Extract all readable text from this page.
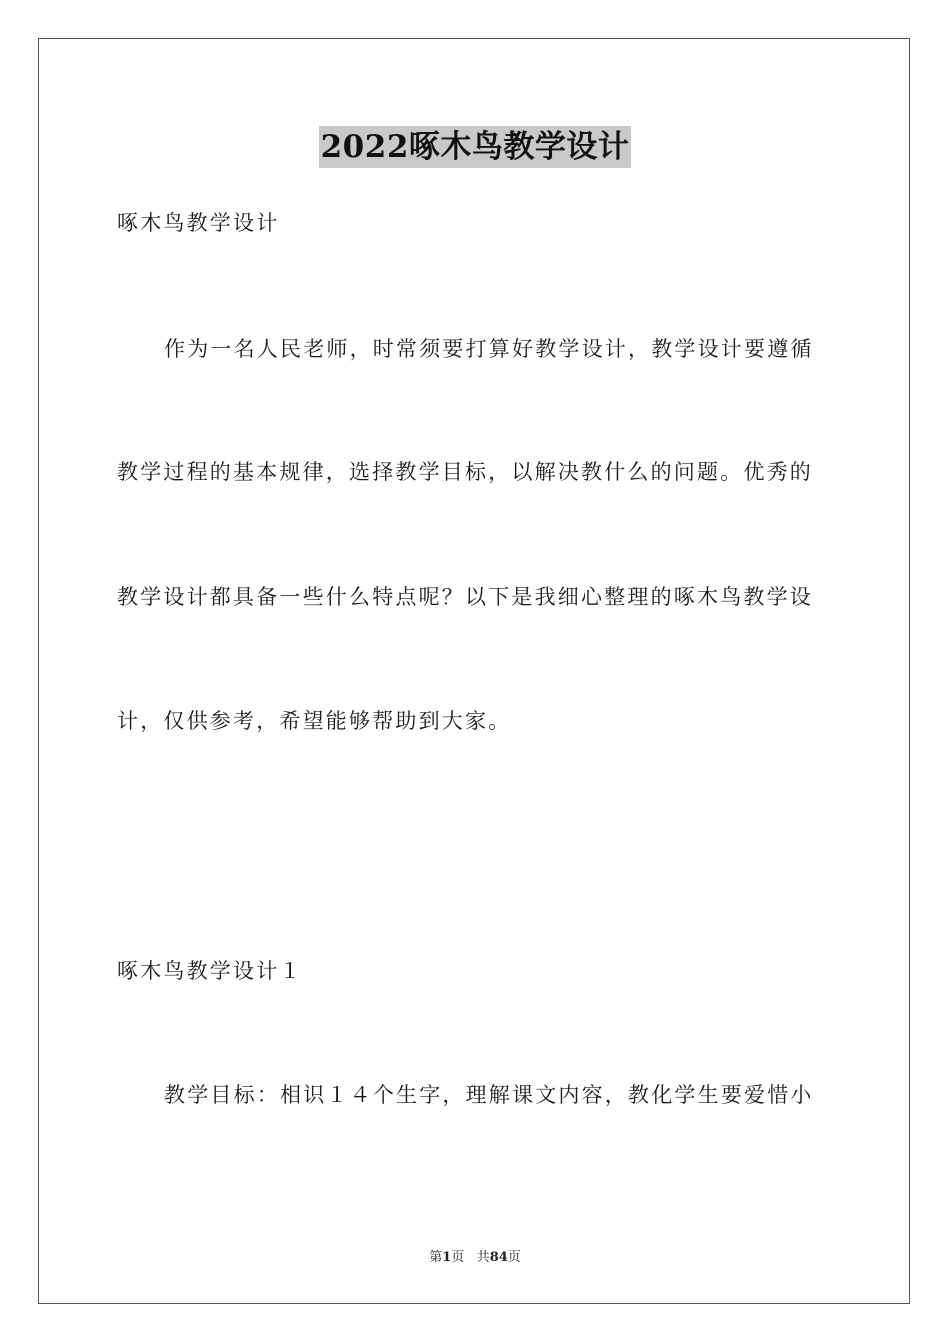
2022啄木鸟教学设计
啄木鸟教学设计
作为一名人民老师，时常须要打算好教学设计，教学设计要遵循
教学过程的基本规律，选择教学目标，以解决教什么的问题。优秀的
教学设计都具备一些什么特点呢？以下是我细心整理的啄木鸟教学设
计，仅供参考，希望能够帮助到大家。
啄木鸟教学设计１
教学目标：相识１４个生字，理解课文内容，教化学生要爱惜小
第1页 共84页
